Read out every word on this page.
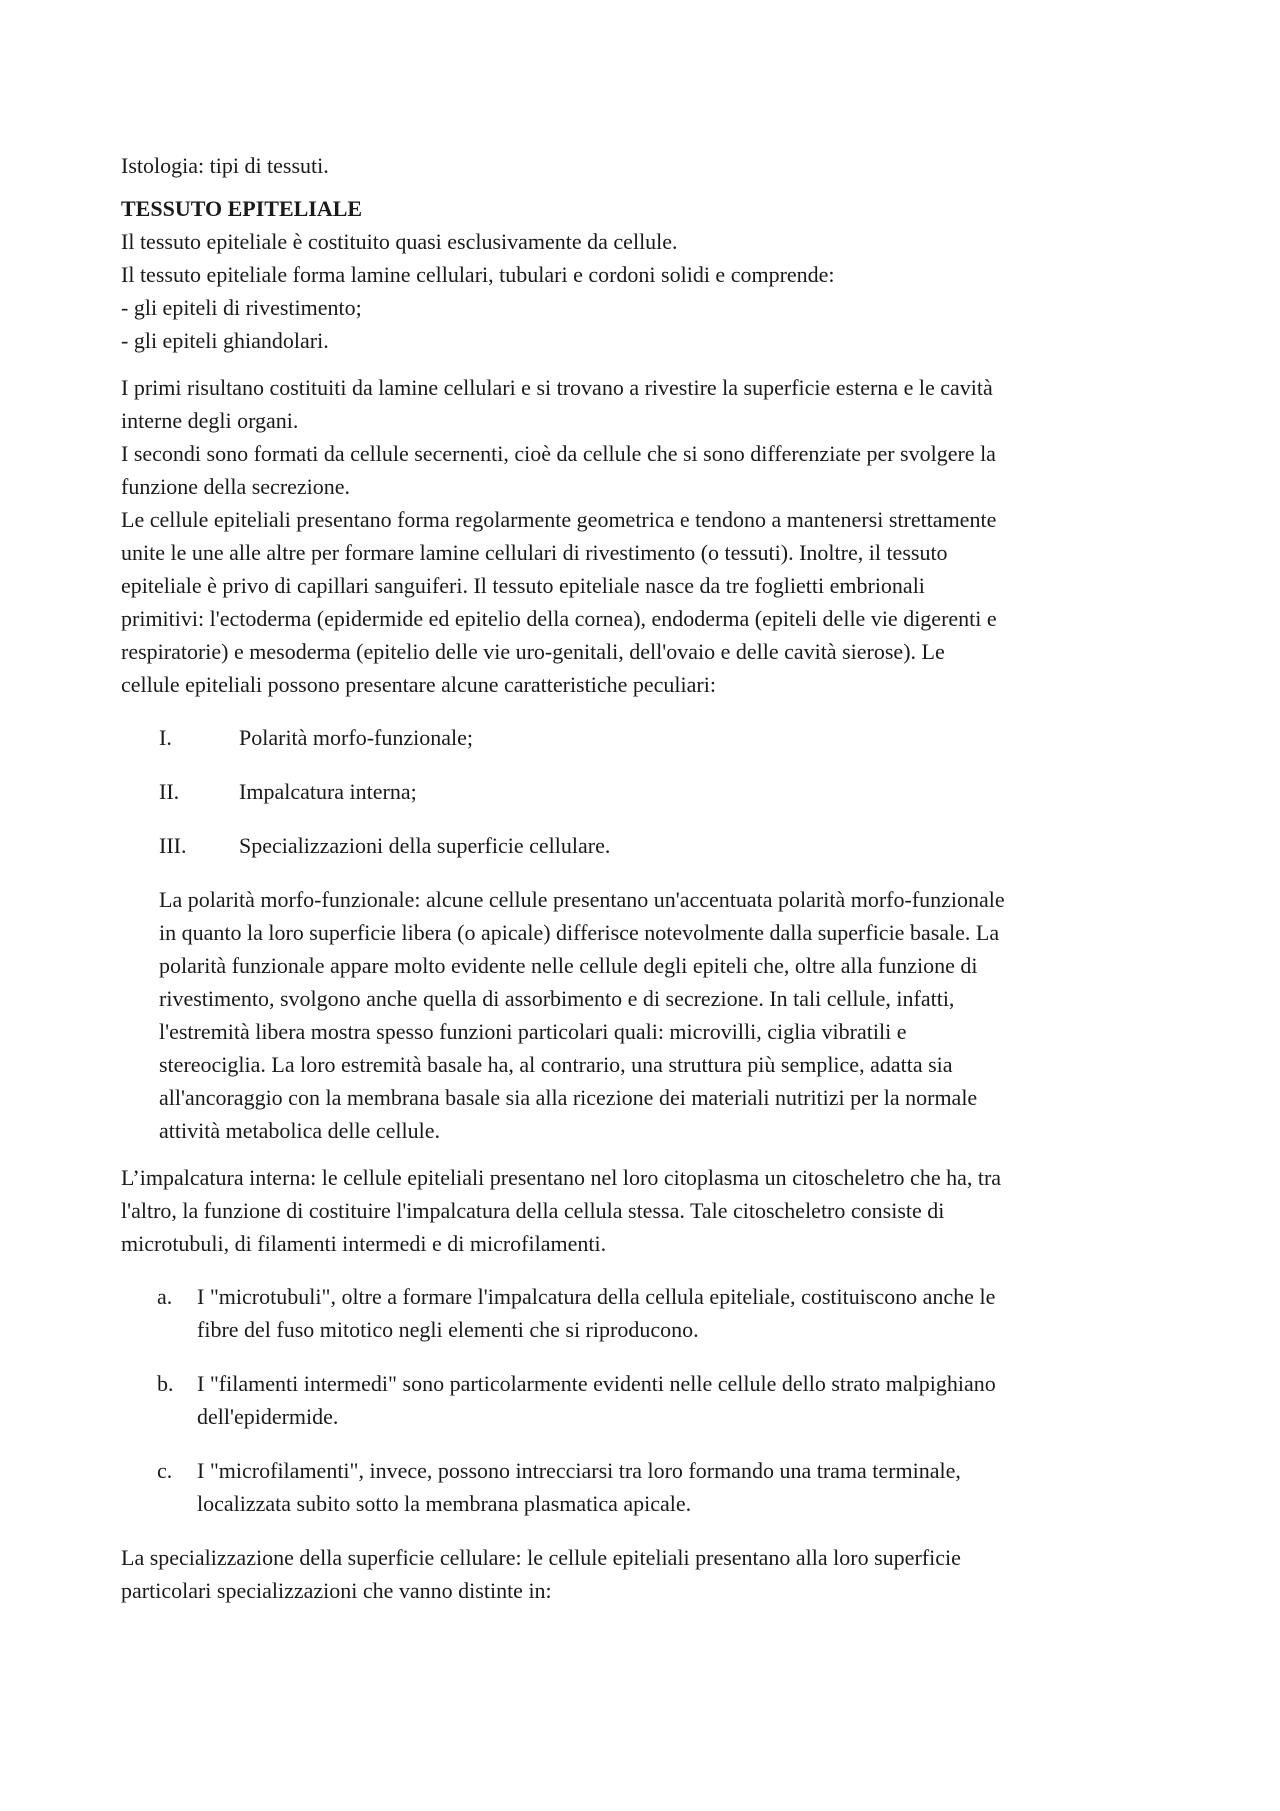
Istologia: tipi di tessuti.
TESSUTO EPITELIALE
Il tessuto epiteliale è costituito quasi esclusivamente da cellule.
Il tessuto epiteliale forma lamine cellulari, tubulari e cordoni solidi e comprende:
- gli epiteli di rivestimento;
- gli epiteli ghiandolari.
I primi risultano costituiti da lamine cellulari e si trovano a rivestire la superficie esterna e le cavità
interne degli organi.
I secondi sono formati da cellule secernenti, cioè da cellule che si sono differenziate per svolgere la
funzione della secrezione.
Le cellule epiteliali presentano forma regolarmente geometrica e tendono a mantenersi strettamente
unite le une alle altre per formare lamine cellulari di rivestimento (o tessuti). Inoltre, il tessuto
epiteliale è privo di capillari sanguiferi. Il tessuto epiteliale nasce da tre foglietti embrionali
primitivi: l'ectoderma (epidermide ed epitelio della cornea), endoderma (epiteli delle vie digerenti e
respiratorie) e mesoderma (epitelio delle vie uro-genitali, dell'ovaio e delle cavità sierose). Le
cellule epiteliali possono presentare alcune caratteristiche peculiari:
I.	Polarità morfo-funzionale;
II.	Impalcatura interna;
III.	Specializzazioni della superficie cellulare.
La polarità morfo-funzionale: alcune cellule presentano un'accentuata polarità morfo-funzionale
in quanto la loro superficie libera (o apicale) differisce notevolmente dalla superficie basale. La
polarità funzionale appare molto evidente nelle cellule degli epiteli che, oltre alla funzione di
rivestimento, svolgono anche quella di assorbimento e di secrezione. In tali cellule, infatti,
l'estremità libera mostra spesso funzioni particolari quali: microvilli, ciglia vibratili e
stereociglia. La loro estremità basale ha, al contrario, una struttura più semplice, adatta sia
all'ancoraggio con la membrana basale sia alla ricezione dei materiali nutritizi per la normale
attività metabolica delle cellule.
L’impalcatura interna: le cellule epiteliali presentano nel loro citoplasma un citoscheletro che ha, tra
l'altro, la funzione di costituire l'impalcatura della cellula stessa. Tale citoscheletro consiste di
microtubuli, di filamenti intermedi e di microfilamenti.
a.	I "microtubuli", oltre a formare l'impalcatura della cellula epiteliale, costituiscono anche le
fibre del fuso mitotico negli elementi che si riproducono.
b.	I "filamenti intermedi" sono particolarmente evidenti nelle cellule dello strato malpighiano
dell'epidermide.
c.	I "microfilamenti", invece, possono intrecciarsi tra loro formando una trama terminale,
localizzata subito sotto la membrana plasmatica apicale.
La specializzazione della superficie cellulare: le cellule epiteliali presentano alla loro superficie
particolari specializzazioni che vanno distinte in:
